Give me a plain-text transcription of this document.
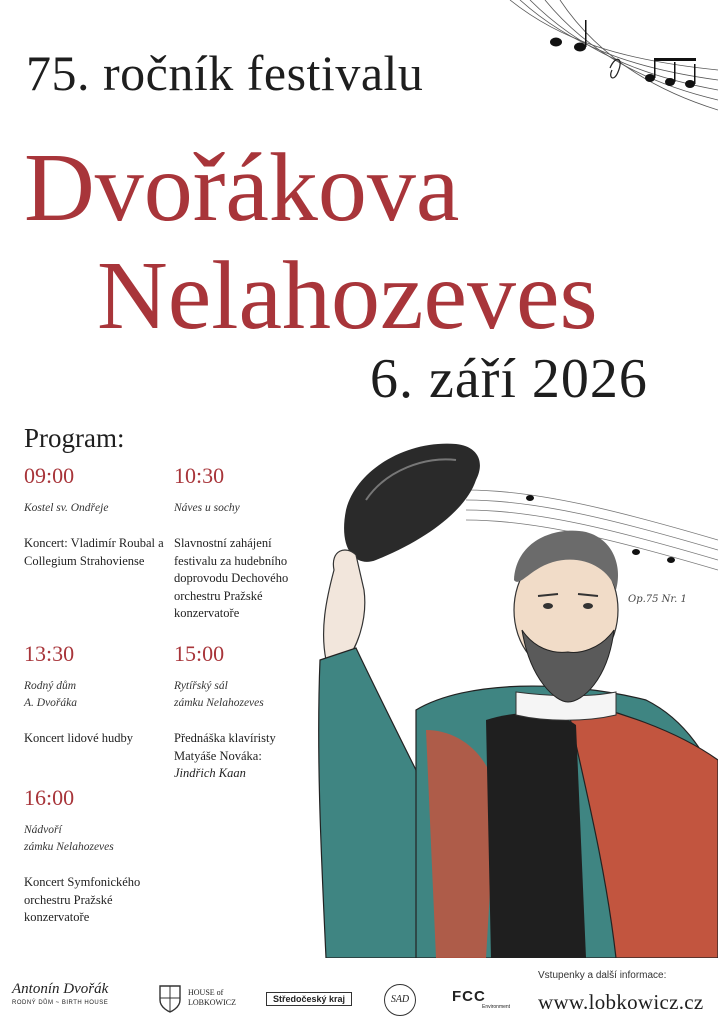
75. ročník festivalu
Dvořákova
Nelahozeves
6. září 2026
Program:
09:00
Kostel sv. Ondřeje
Koncert: Vladimír Roubal a Collegium Strahoviense
10:30
Náves u sochy
Slavnostní zahájení festivalu za hudebního doprovodu Dechového orchestru Pražské konzervatoře
13:30
Rodný dům
A. Dvořáka
Koncert lidové hudby
15:00
Rytířský sál
zámku Nelahozeves
Přednáška klavíristy Matyáše Nováka:
Jindřich Kaan
16:00
Nádvoří
zámku Nelahozeves
Koncert Symfonického orchestru Pražské konzervatoře
Op.75 Nr. 1
Antonín Dvořák
RODNÝ DŮM ~ BIRTH HOUSE
HOUSE of
LOBKOWICZ	Středočeský kraj	SAD	FCC
Environment
Vstupenky a další informace:
www.lobkowicz.cz
